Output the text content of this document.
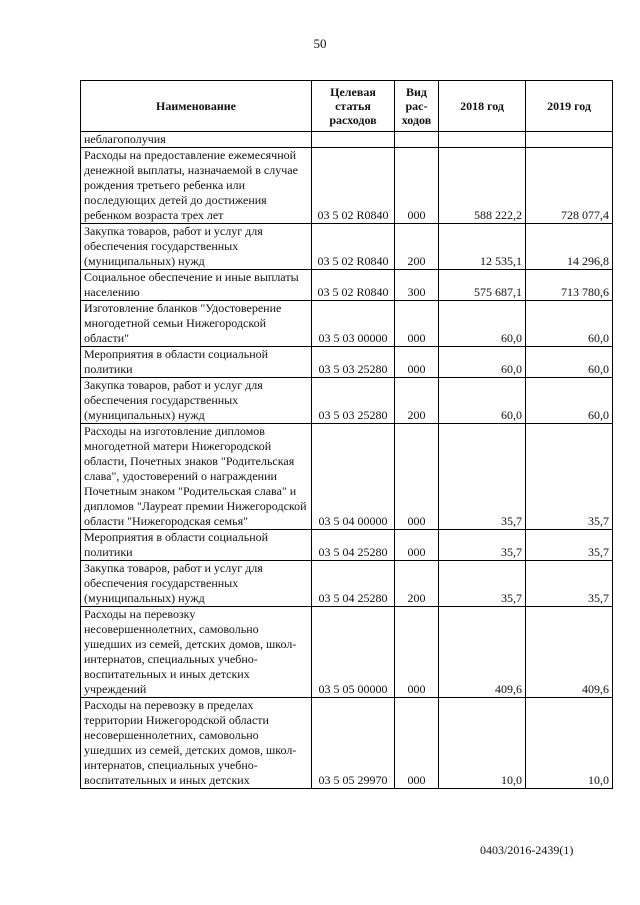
50
Наименование	Целевая статья расходов	Вид рас-ходов	2018 год	2019 год
неблагополучия				
Расходы на предоставление ежемесячной денежной выплаты, назначаемой в случае рождения третьего ребенка или последующих детей до достижения ребенком возраста трех лет	03 5 02 R0840	000	588 222,2	728 077,4
Закупка товаров, работ и услуг для обеспечения государственных (муниципальных) нужд	03 5 02 R0840	200	12 535,1	14 296,8
Социальное обеспечение и иные выплаты населению	03 5 02 R0840	300	575 687,1	713 780,6
Изготовление бланков "Удостоверение многодетной семьи Нижегородской области"	03 5 03 00000	000	60,0	60,0
Мероприятия в области социальной политики	03 5 03 25280	000	60,0	60,0
Закупка товаров, работ и услуг для обеспечения государственных (муниципальных) нужд	03 5 03 25280	200	60,0	60,0
Расходы на изготовление дипломов многодетной матери Нижегородской области, Почетных знаков "Родительская слава", удостоверений о награждении Почетным знаком "Родительская слава" и дипломов "Лауреат премии Нижегородской области "Нижегородская семья"	03 5 04 00000	000	35,7	35,7
Мероприятия в области социальной политики	03 5 04 25280	000	35,7	35,7
Закупка товаров, работ и услуг для обеспечения государственных (муниципальных) нужд	03 5 04 25280	200	35,7	35,7
Расходы на перевозку несовершеннолетних, самовольно ушедших из семей, детских домов, школ-интернатов, специальных учебно-воспитательных и иных детских учреждений	03 5 05 00000	000	409,6	409,6
Расходы на перевозку в пределах территории Нижегородской области несовершеннолетних, самовольно ушедших из семей, детских домов, школ-интернатов, специальных учебно-воспитательных и иных детских	03 5 05 29970	000	10,0	10,0
0403/2016-2439(1)
